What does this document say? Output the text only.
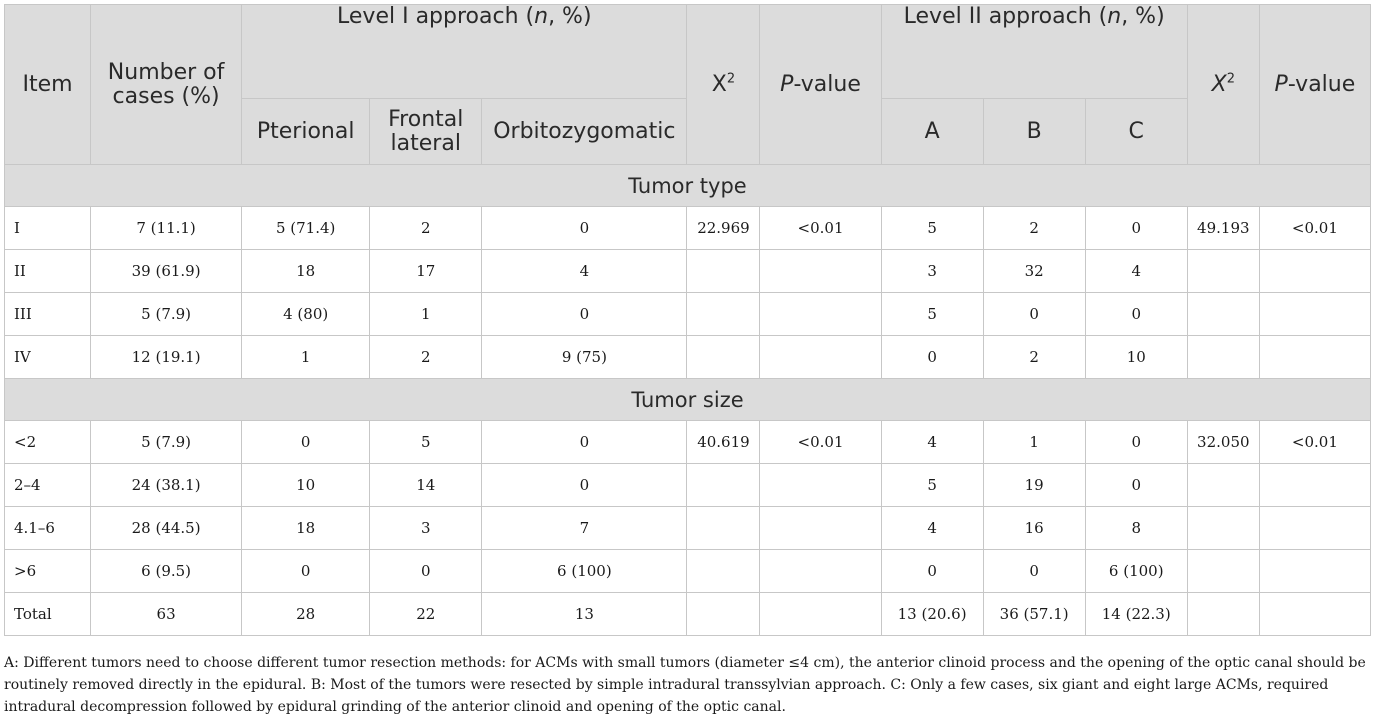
Item	Number of cases (%)	Level I approach (n, %)			$X^2$	P-value	Level II approach (n, %)			$X^2$	P-value
		Pterional	Frontal lateral	Orbitozygomatic			A	B	C		
Tumor type											
I	7 (11.1)	5 (71.4)	2	0	22.969	<0.01	5	2	0	49.193	<0.01
II	39 (61.9)	18	17	4			3	32	4		
III	5 (7.9)	4 (80)	1	0			5	0	0		
IV	12 (19.1)	1	2	9 (75)			0	2	10		
Tumor size											
<2	5 (7.9)	0	5	0	40.619	<0.01	4	1	0	32.050	<0.01
2–4	24 (38.1)	10	14	0			5	19	0		
4.1–6	28 (44.5)	18	3	7			4	16	8		
>6	6 (9.5)	0	0	6 (100)			0	0	6 (100)		
Total	63	28	22	13			13 (20.6)	36 (57.1)	14 (22.3)		
A: Different tumors need to choose different tumor resection methods: for ACMs with small tumors (diameter ≤4 cm), the anterior clinoid process and the opening of the optic canal should be routinely removed directly in the epidural. B: Most of the tumors were resected by simple intradural transsylvian approach. C: Only a few cases, six giant and eight large ACMs, required intradural decompression followed by epidural grinding of the anterior clinoid and opening of the optic canal.
